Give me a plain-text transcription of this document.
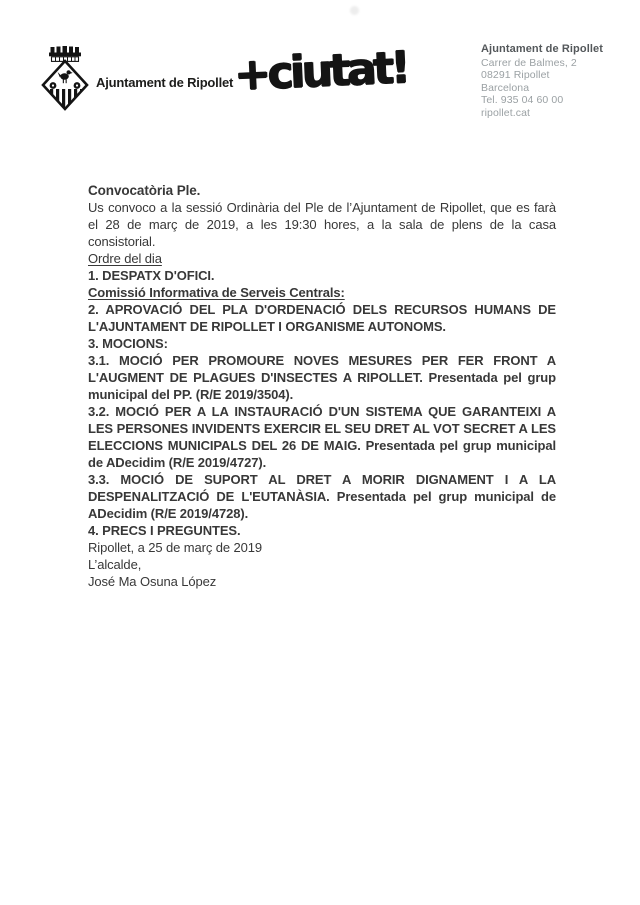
Ajuntament de Ripollet +ciutat!	Ajuntament de Ripollet

Carrer de Balmes, 2

08291 Ripollet

Barcelona

Tel. 935 04 60 00

ripollet.cat

Convocatòria Ple.

Us convoco a la sessió Ordinària del Ple de l’Ajuntament de Ripollet, que es farà el 28 de març de 2019, a les 19:30 hores, a la sala de plens de la casa consistorial.

Ordre del dia

1. DESPATX D'OFICI.

Comissió Informativa de Serveis Centrals:

2. APROVACIÓ DEL PLA D'ORDENACIÓ DELS RECURSOS HUMANS DE L'AJUNTAMENT DE RIPOLLET I ORGANISME AUTONOMS.

3. MOCIONS:

3.1. MOCIÓ PER PROMOURE NOVES MESURES PER FER FRONT A L'AUGMENT DE PLAGUES D'INSECTES A RIPOLLET. Presentada pel grup municipal del PP. (R/E 2019/3504).

3.2. MOCIÓ PER A LA INSTAURACIÓ D'UN SISTEMA QUE GARANTEIXI A LES PERSONES INVIDENTS EXERCIR EL SEU DRET AL VOT SECRET A LES ELECCIONS MUNICIPALS DEL 26 DE MAIG. Presentada pel grup municipal de ADecidim (R/E 2019/4727).

3.3. MOCIÓ DE SUPORT AL DRET A MORIR DIGNAMENT I A LA DESPENALITZACIÓ DE L'EUTANÀSIA. Presentada pel grup municipal de ADecidim (R/E 2019/4728).

4. PRECS I PREGUNTES.

Ripollet, a 25 de març de 2019

L’alcalde,

José Ma Osuna López
